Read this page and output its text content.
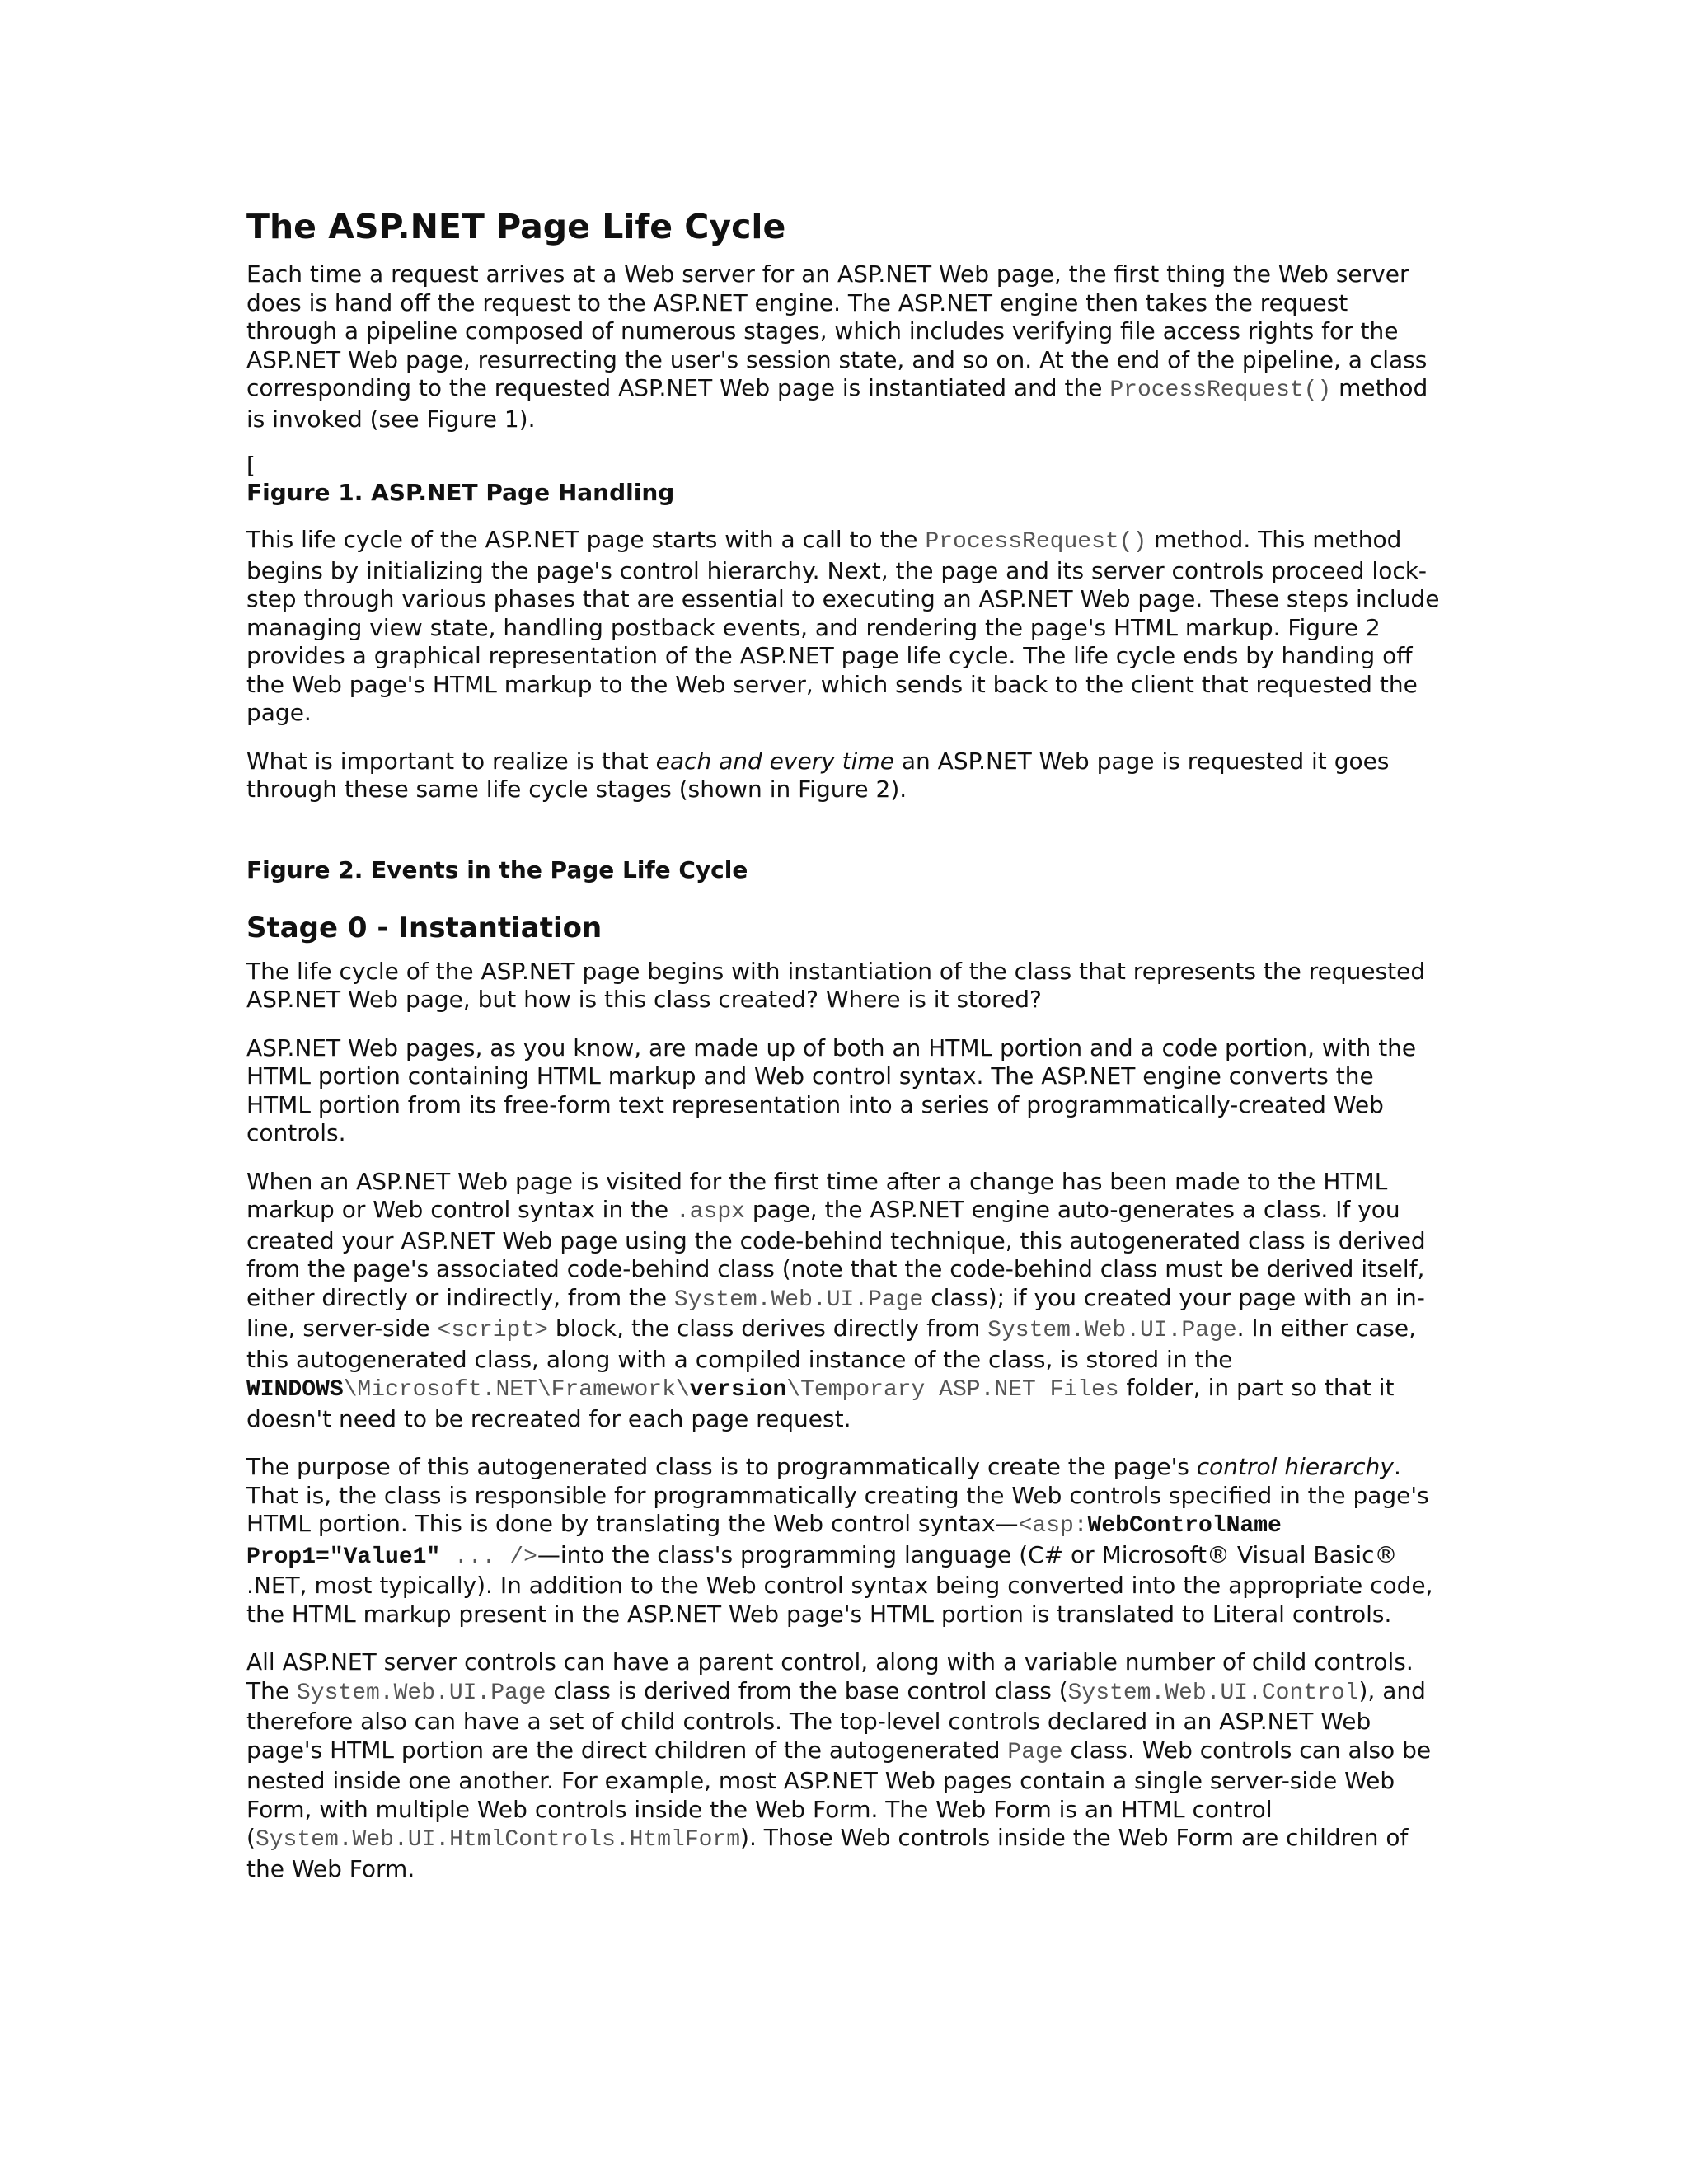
The ASP.NET Page Life Cycle

Each time a request arrives at a Web server for an ASP.NET Web page, the first thing the Web server does is hand off the request to the ASP.NET engine. The ASP.NET engine then takes the request through a pipeline composed of numerous stages, which includes verifying file access rights for the ASP.NET Web page, resurrecting the user's session state, and so on. At the end of the pipeline, a class corresponding to the requested ASP.NET Web page is instantiated and the ProcessRequest() method is invoked (see Figure 1).

[
Figure 1. ASP.NET Page Handling

This life cycle of the ASP.NET page starts with a call to the ProcessRequest() method. This method begins by initializing the page's control hierarchy. Next, the page and its server controls proceed lock-step through various phases that are essential to executing an ASP.NET Web page. These steps include managing view state, handling postback events, and rendering the page's HTML markup. Figure 2 provides a graphical representation of the ASP.NET page life cycle. The life cycle ends by handing off the Web page's HTML markup to the Web server, which sends it back to the client that requested the page.

What is important to realize is that each and every time an ASP.NET Web page is requested it goes through these same life cycle stages (shown in Figure 2).

Figure 2. Events in the Page Life Cycle
Stage 0 - Instantiation

The life cycle of the ASP.NET page begins with instantiation of the class that represents the requested ASP.NET Web page, but how is this class created? Where is it stored?

ASP.NET Web pages, as you know, are made up of both an HTML portion and a code portion, with the HTML portion containing HTML markup and Web control syntax. The ASP.NET engine converts the HTML portion from its free-form text representation into a series of programmatically-created Web controls.

When an ASP.NET Web page is visited for the first time after a change has been made to the HTML markup or Web control syntax in the .aspx page, the ASP.NET engine auto-generates a class. If you created your ASP.NET Web page using the code-behind technique, this autogenerated class is derived from the page's associated code-behind class (note that the code-behind class must be derived itself, either directly or indirectly, from the System.Web.UI.Page class); if you created your page with an in-line, server-side <script> block, the class derives directly from System.Web.UI.Page. In either case, this autogenerated class, along with a compiled instance of the class, is stored in the WINDOWS\Microsoft.NET\Framework\version\Temporary ASP.NET Files folder, in part so that it doesn't need to be recreated for each page request.

The purpose of this autogenerated class is to programmatically create the page's control hierarchy. That is, the class is responsible for programmatically creating the Web controls specified in the page's HTML portion. This is done by translating the Web control syntax—<asp:WebControlName Prop1="Value1" ... />—into the class's programming language (C# or Microsoft® Visual Basic® .NET, most typically). In addition to the Web control syntax being converted into the appropriate code, the HTML markup present in the ASP.NET Web page's HTML portion is translated to Literal controls.

All ASP.NET server controls can have a parent control, along with a variable number of child controls. The System.Web.UI.Page class is derived from the base control class (System.Web.UI.Control), and therefore also can have a set of child controls. The top-level controls declared in an ASP.NET Web page's HTML portion are the direct children of the autogenerated Page class. Web controls can also be nested inside one another. For example, most ASP.NET Web pages contain a single server-side Web Form, with multiple Web controls inside the Web Form. The Web Form is an HTML control (System.Web.UI.HtmlControls.HtmlForm). Those Web controls inside the Web Form are children of the Web Form.
